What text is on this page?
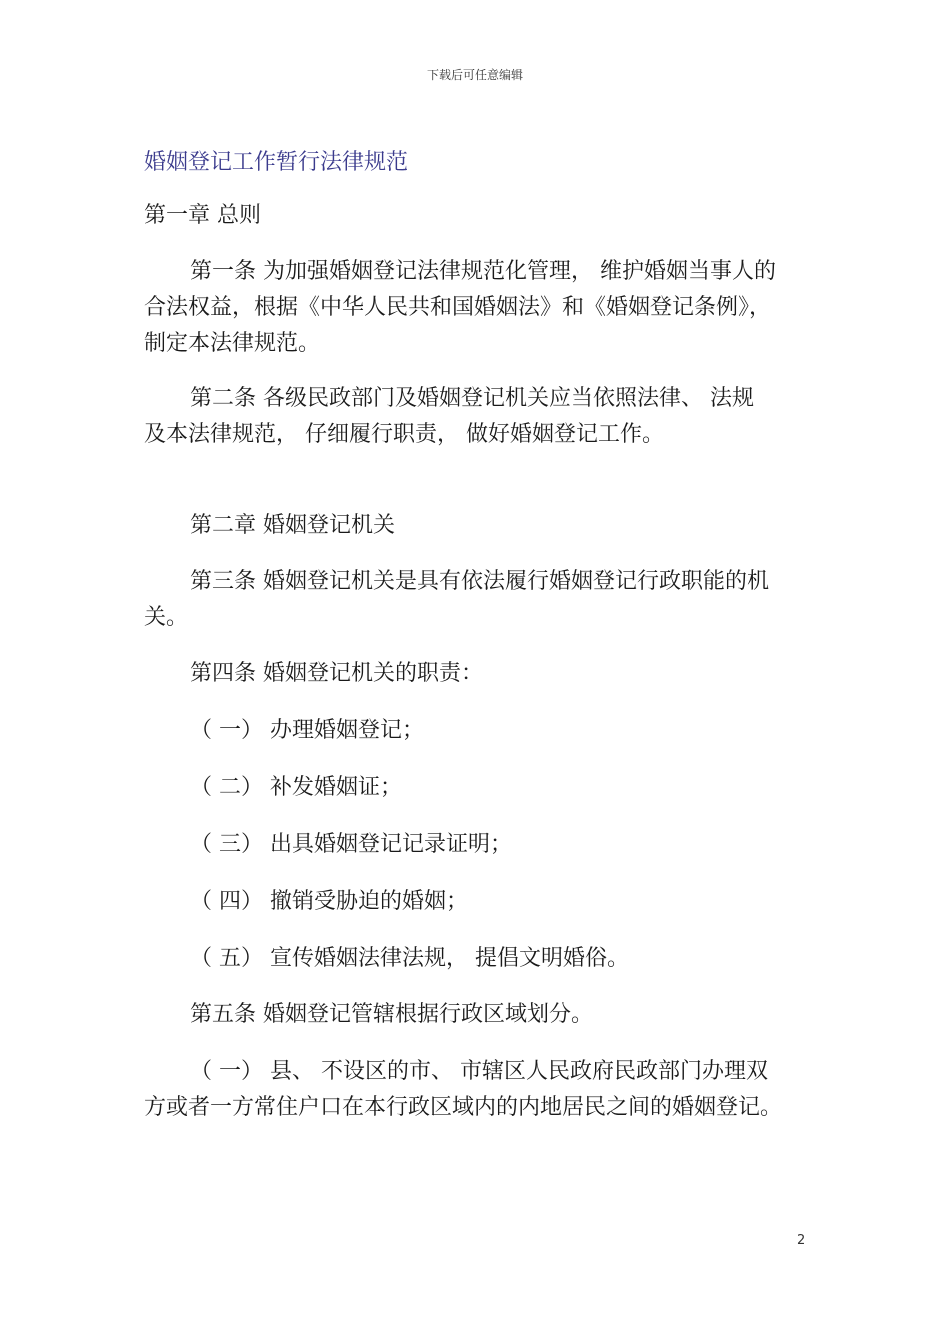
下载后可任意编辑
婚姻登记工作暂行法律规范
第一章 总则
第一条 为加强婚姻登记法律规范化管理， 维护婚姻当事人的
合法权益，根据《中华人民共和国婚姻法》和《婚姻登记条例》，
制定本法律规范。
第二条 各级民政部门及婚姻登记机关应当依照法律、 法规
及本法律规范， 仔细履行职责， 做好婚姻登记工作。
第二章 婚姻登记机关
第三条 婚姻登记机关是具有依法履行婚姻登记行政职能的机
关。
第四条 婚姻登记机关的职责：
（ 一） 办理婚姻登记；
（ 二） 补发婚姻证；
（ 三） 出具婚姻登记记录证明；
（ 四） 撤销受胁迫的婚姻；
（ 五） 宣传婚姻法律法规， 提倡文明婚俗。
第五条 婚姻登记管辖根据行政区域划分。
（ 一） 县、 不设区的市、 市辖区人民政府民政部门办理双
方或者一方常住户口在本行政区域内的内地居民之间的婚姻登记。
2
